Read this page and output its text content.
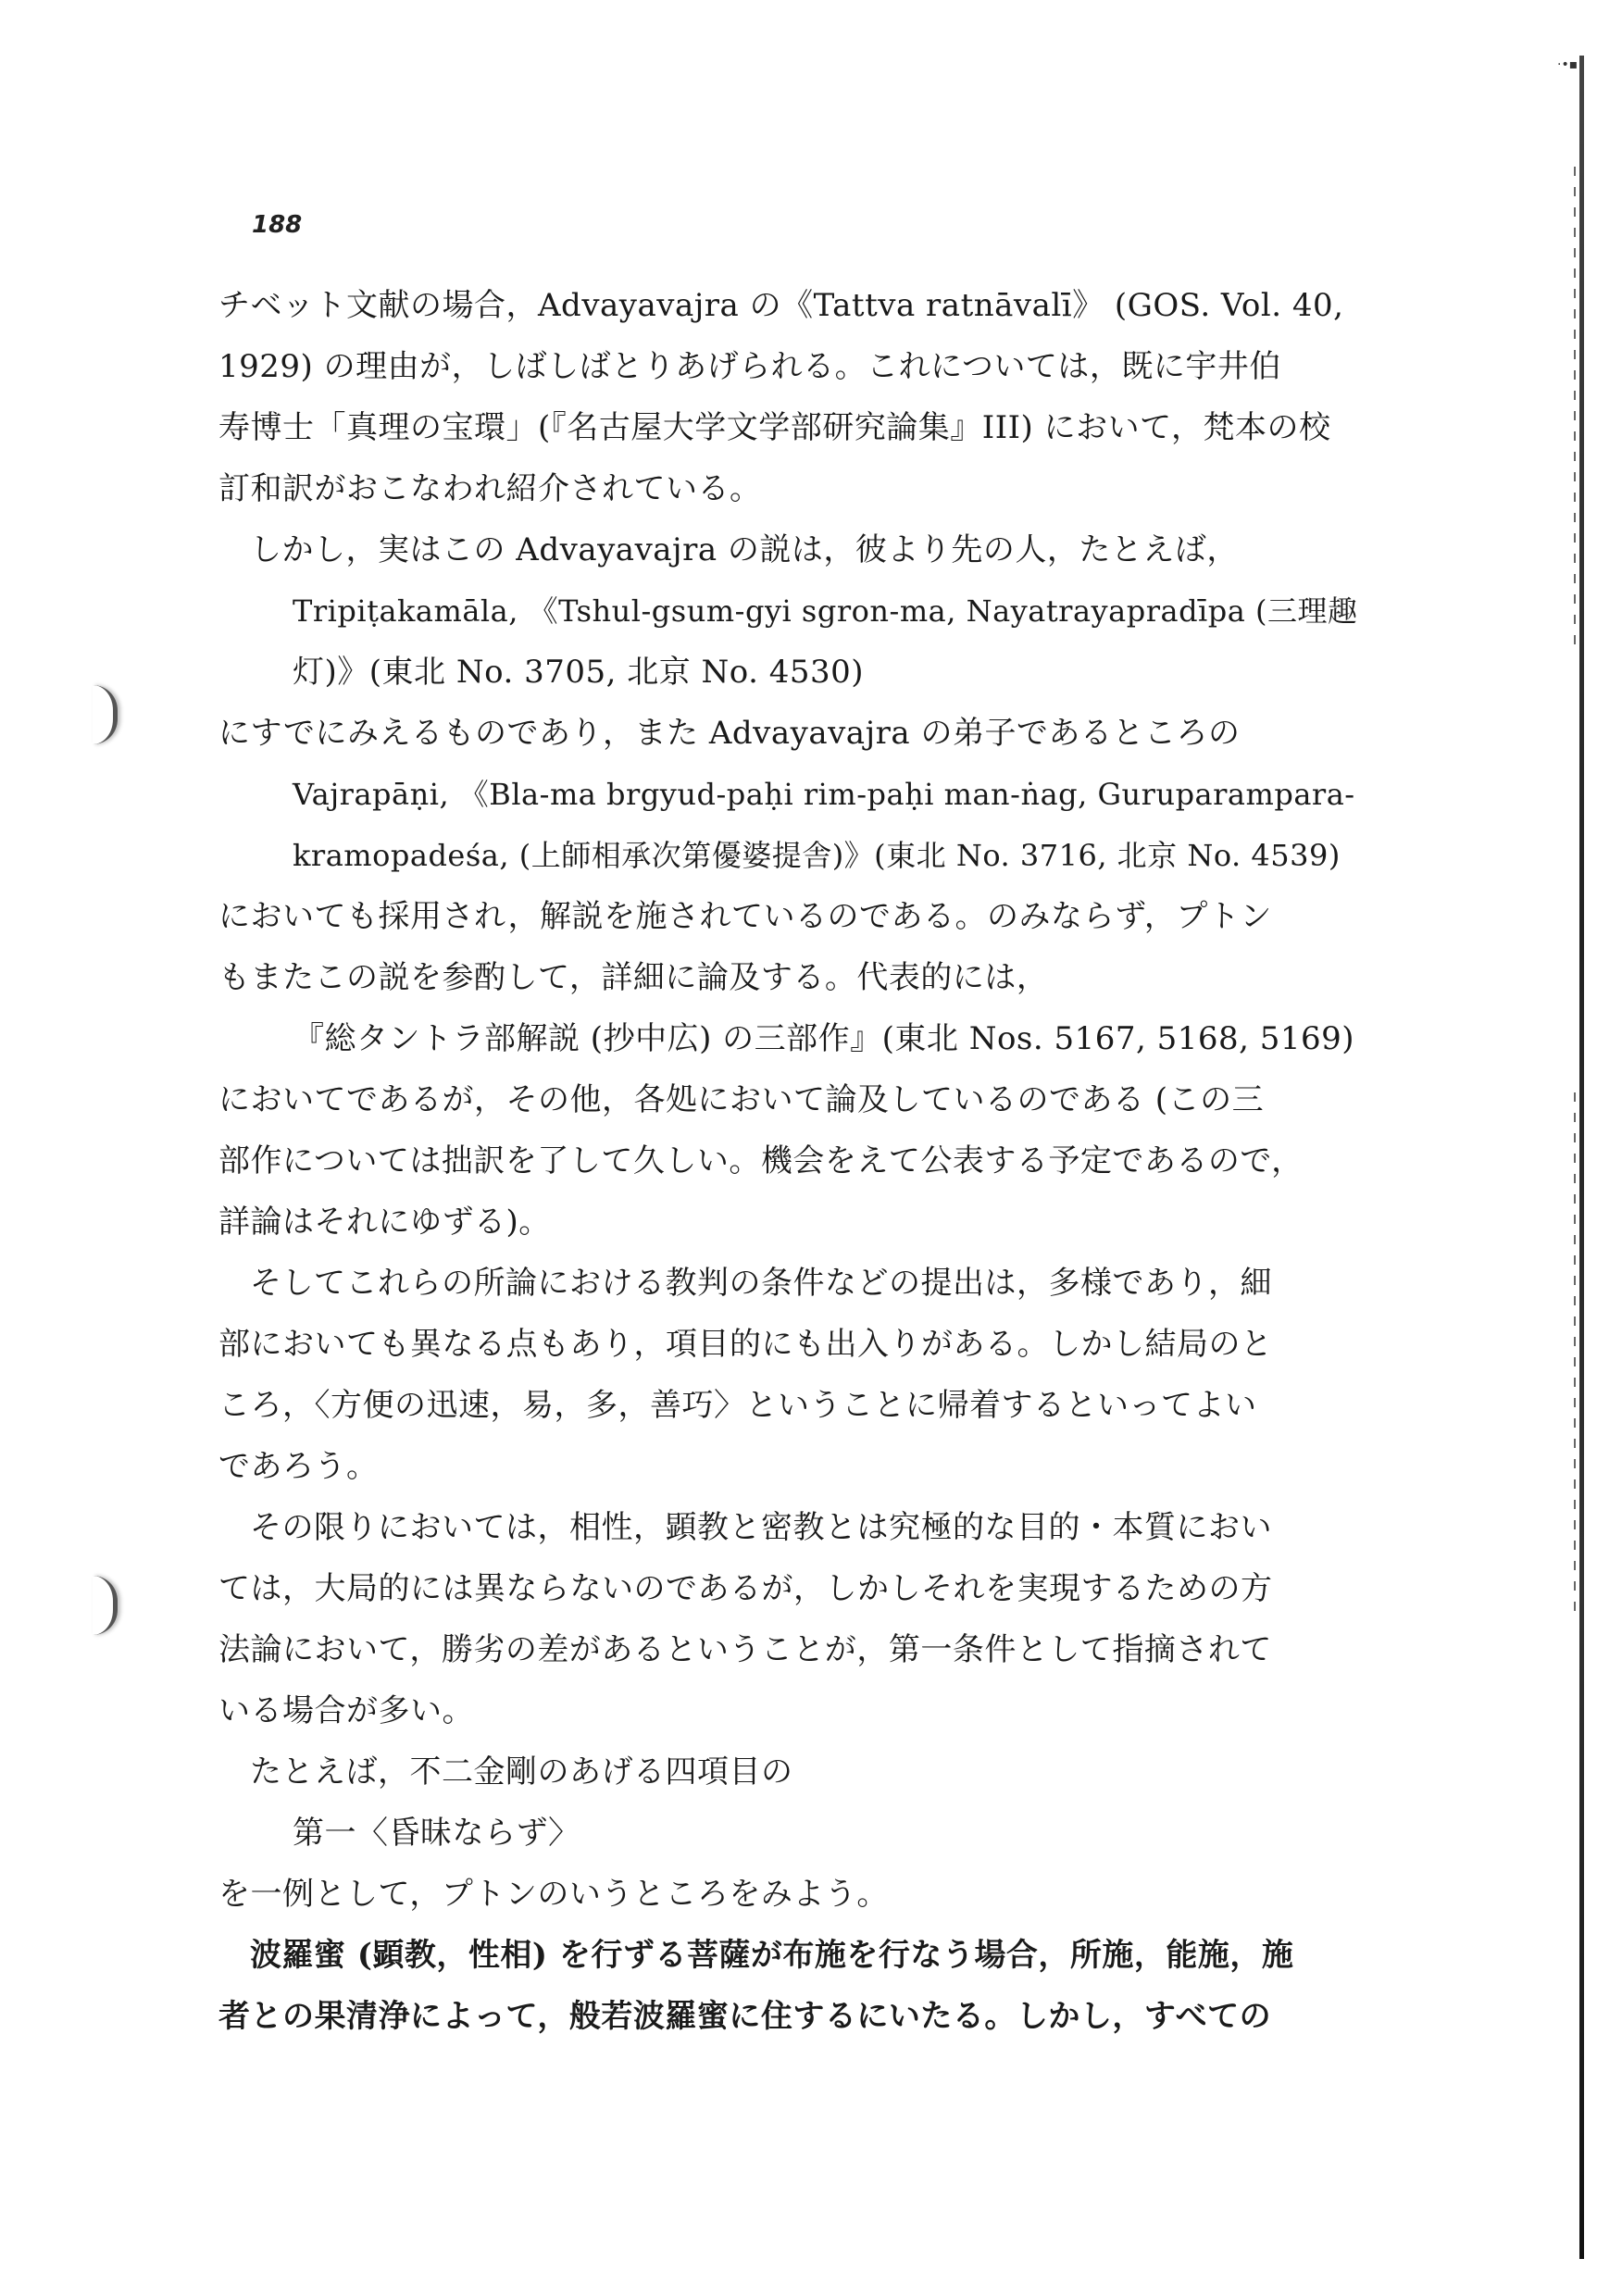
·•▪
188
チベット文献の場合，Advayavajra の《Tattva ratnāvalī》 (GOS. Vol. 40,
1929) の理由が，しばしばとりあげられる。これについては，既に宇井伯
寿博士「真理の宝環」(『名古屋大学文学部研究論集』III) において，梵本の校
訂和訳がおこなわれ紹介されている。
しかし，実はこの Advayavajra の説は，彼より先の人，たとえば，
Tripiṭakamāla, 《Tshul-gsum-gyi sgron-ma, Nayatrayapradīpa (三理趣
灯)》(東北 No. 3705, 北京 No. 4530)
にすでにみえるものであり，また Advayavajra の弟子であるところの
Vajrapāṇi, 《Bla-ma brgyud-paḥi rim-paḥi man-ṅag, Guruparampara-
kramopadeśa, (上師相承次第優婆提舎)》(東北 No. 3716, 北京 No. 4539)
においても採用され，解説を施されているのである。のみならず，プトン
もまたこの説を参酌して，詳細に論及する。代表的には，
『総タントラ部解説 (抄中広) の三部作』(東北 Nos. 5167, 5168, 5169)
においてであるが，その他，各処において論及しているのである (この三
部作については拙訳を了して久しい。機会をえて公表する予定であるので，
詳論はそれにゆずる)。
そしてこれらの所論における教判の条件などの提出は，多様であり，細
部においても異なる点もあり，項目的にも出入りがある。しかし結局のと
ころ，〈方便の迅速，易，多，善巧〉ということに帰着するといってよい
であろう。
その限りにおいては，相性，顕教と密教とは究極的な目的・本質におい
ては，大局的には異ならないのであるが，しかしそれを実現するための方
法論において，勝劣の差があるということが，第一条件として指摘されて
いる場合が多い。
たとえば，不二金剛のあげる四項目の
第一〈昏昧ならず〉
を一例として，プトンのいうところをみよう。
波羅蜜 (顕教，性相) を行ずる菩薩が布施を行なう場合，所施，能施，施
者との果清浄によって，般若波羅蜜に住するにいたる。しかし，すべての
